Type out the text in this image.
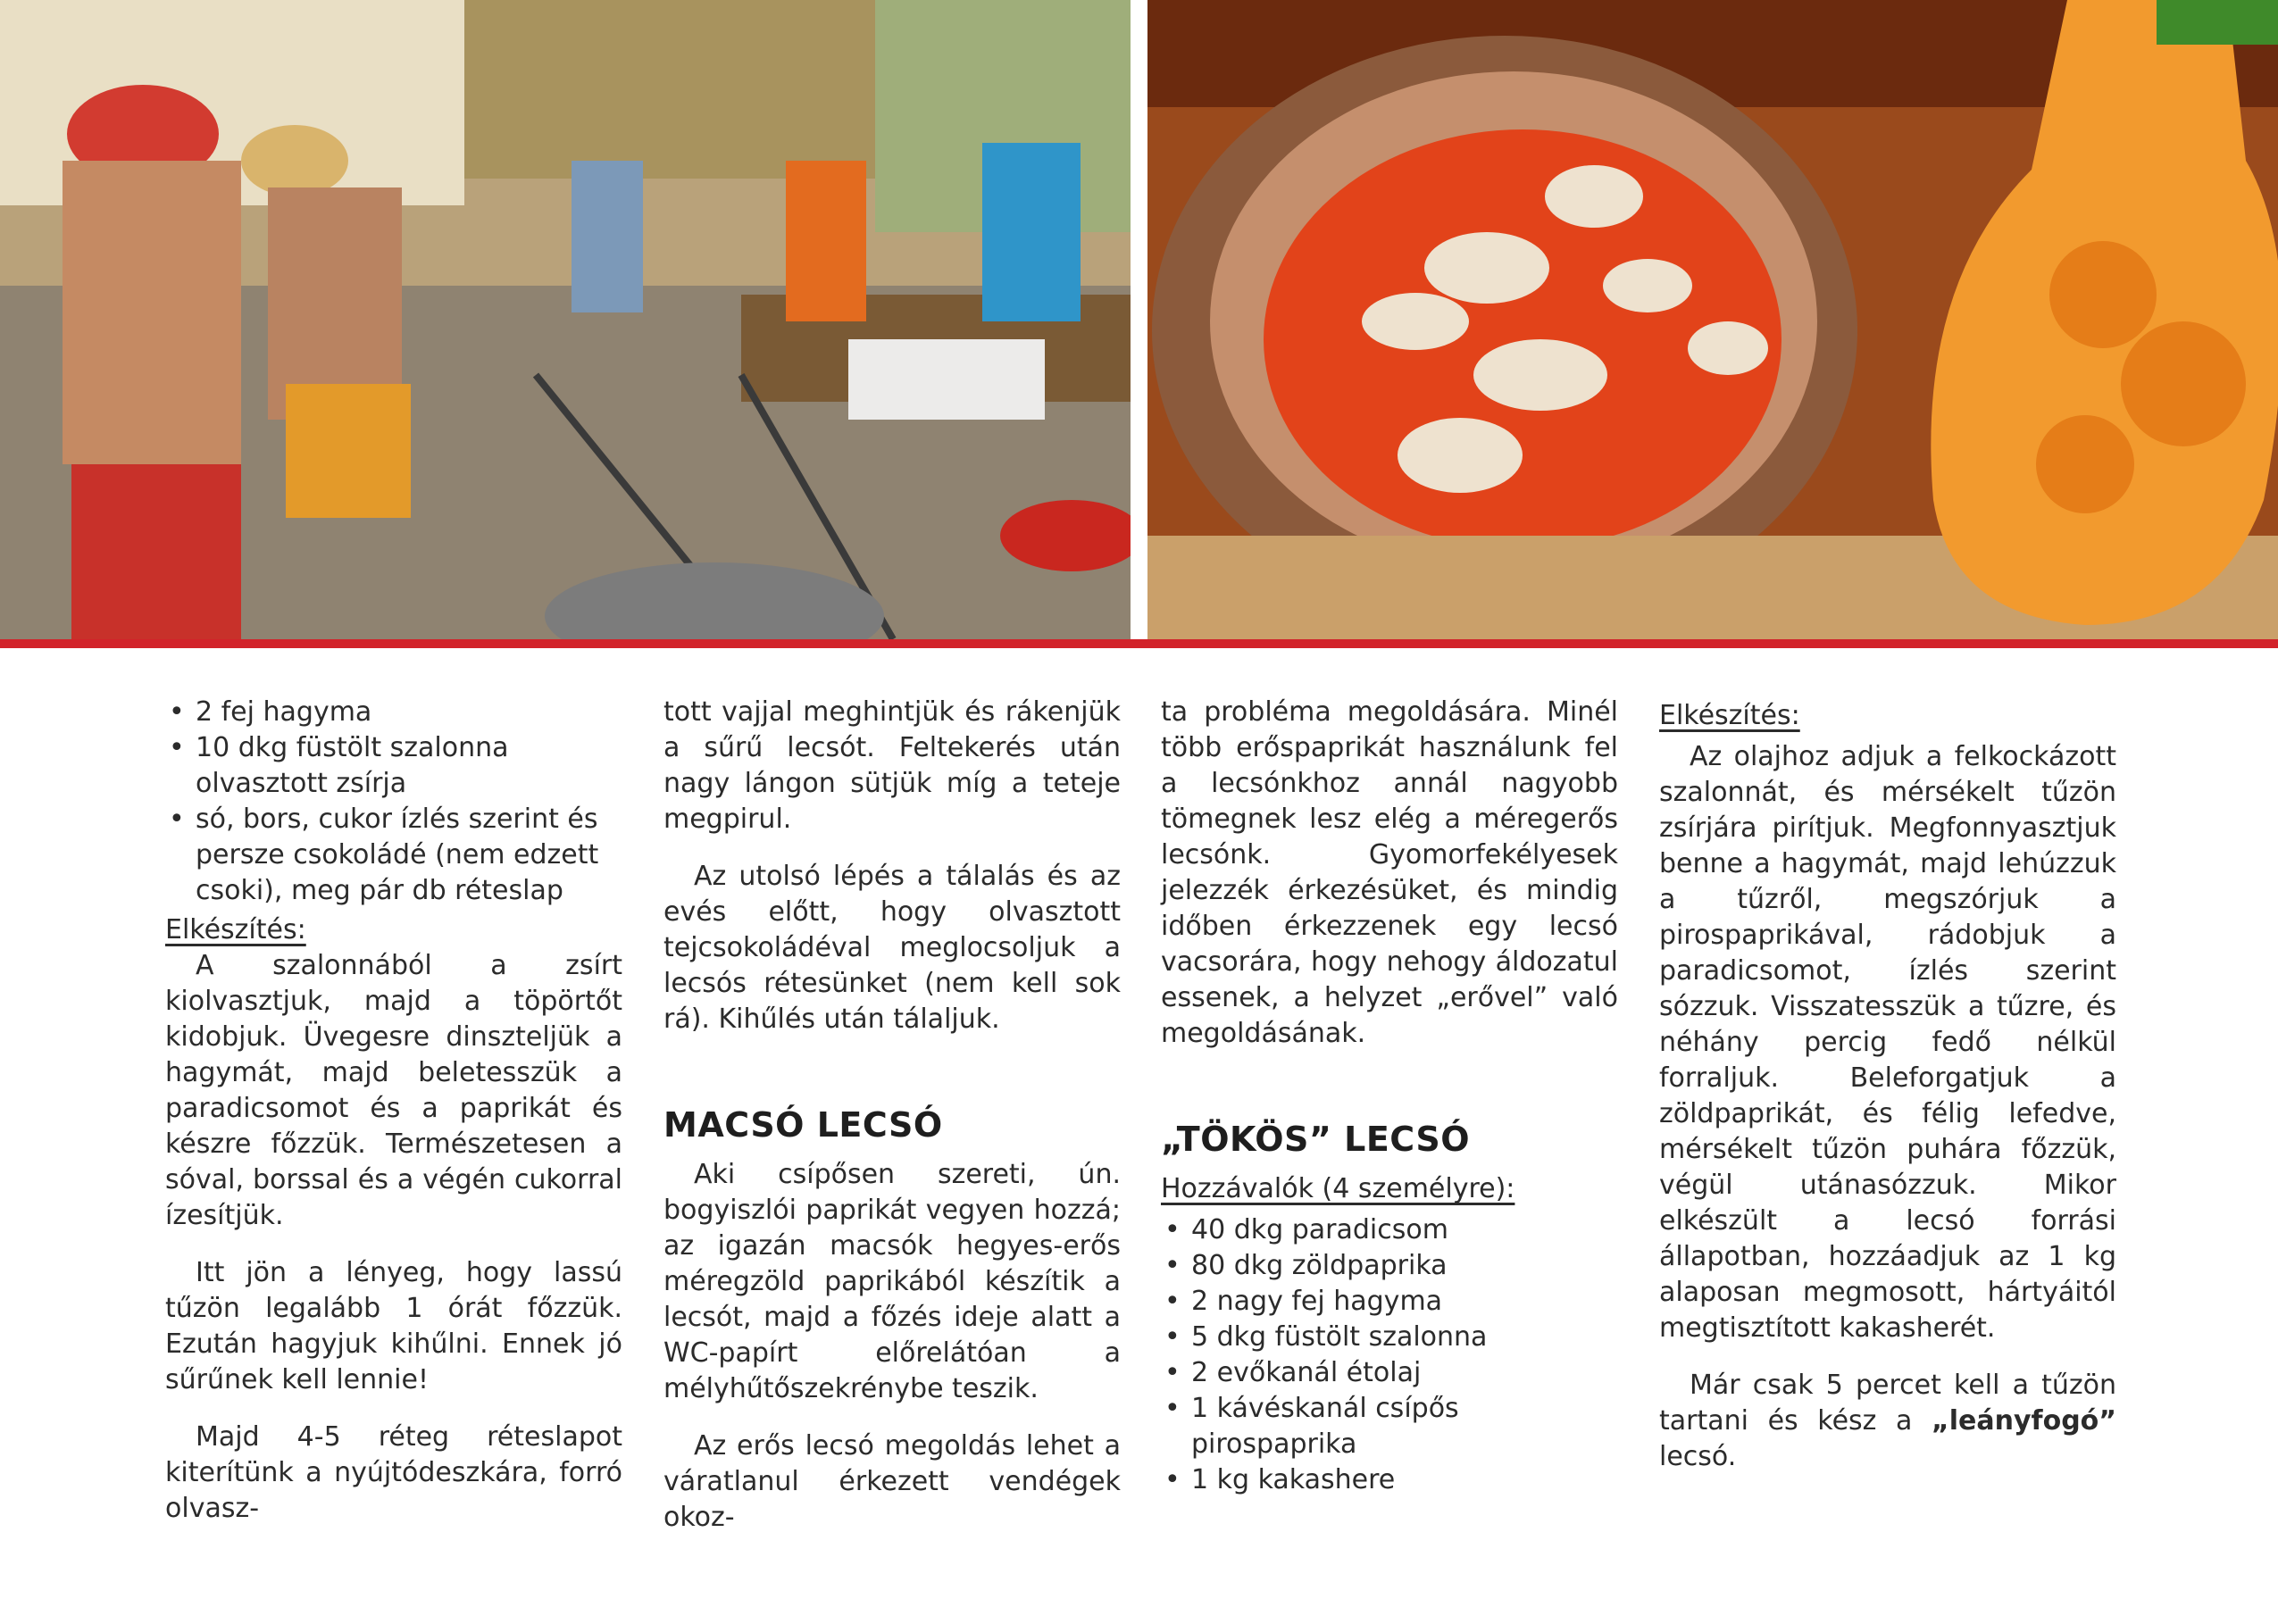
• 2 fej hagyma
• 10 dkg füstölt szalonna olvasztott zsírja
• só, bors, cukor ízlés szerint és persze csokoládé (nem edzett csoki), meg pár db réteslap
Elkészítés:

A szalonnából a zsírt kiolvasztjuk, majd a töpörtőt kidobjuk. Üvegesre dinszteljük a hagymát, majd beletesszük a paradicsomot és a paprikát és készre főzzük. Természetesen a sóval, borssal és a végén cukorral ízesítjük.

Itt jön a lényeg, hogy lassú tűzön legalább 1 órát főzzük. Ezután hagyjuk kihűlni. Ennek jó sűrűnek kell lennie!

Majd 4-5 réteg réteslapot kiterítünk a nyújtódeszkára, forró olvasz-

tott vajjal meghintjük és rákenjük a sűrű lecsót. Feltekerés után nagy lángon sütjük míg a teteje megpirul.

Az utolsó lépés a tálalás és az evés előtt, hogy olvasztott tejcsokoládéval meglocsoljuk a lecsós rétesünket (nem kell sok rá). Kihűlés után tálaljuk.

MACSÓ LECSÓ

Aki csípősen szereti, ún. bogyiszlói paprikát vegyen hozzá; az igazán macsók hegyes-erős méregzöld paprikából készítik a lecsót, majd a főzés ideje alatt a WC-papírt előrelátóan a mélyhűtőszekrénybe teszik.

Az erős lecsó megoldás lehet a váratlanul érkezett vendégek okoz-

ta probléma megoldására. Minél több erőspaprikát használunk fel a lecsónkhoz annál nagyobb tömegnek lesz elég a méregerős lecsónk. Gyomorfekélyesek jelezzék érkezésüket, és mindig időben érkezzenek egy lecsó vacsorára, hogy nehogy áldozatul essenek, a helyzet „erővel” való megoldásának.

„TÖKÖS” LECSÓ
Hozzávalók (4 személyre):
• 40 dkg paradicsom
• 80 dkg zöldpaprika
• 2 nagy fej hagyma
• 5 dkg füstölt szalonna
• 2 evőkanál étolaj
• 1 kávéskanál csípős pirospaprika
• 1 kg kakashere
Elkészítés:

Az olajhoz adjuk a felkockázott szalonnát, és mérsékelt tűzön zsírjára pirítjuk. Megfonnyasztjuk benne a hagymát, majd lehúzzuk a tűzről, megszórjuk a pirospaprikával, rádobjuk a paradicsomot, ízlés szerint sózzuk. Visszatesszük a tűzre, és néhány percig fedő nélkül forraljuk. Beleforgatjuk a zöldpaprikát, és félig lefedve, mérsékelt tűzön puhára főzzük, végül utánasózzuk. Mikor elkészült a lecsó forrási állapotban, hozzáadjuk az 1 kg alaposan megmosott, hártyáitól megtisztított kakasherét.

Már csak 5 percet kell a tűzön tartani és kész a „leányfogó” lecsó.
